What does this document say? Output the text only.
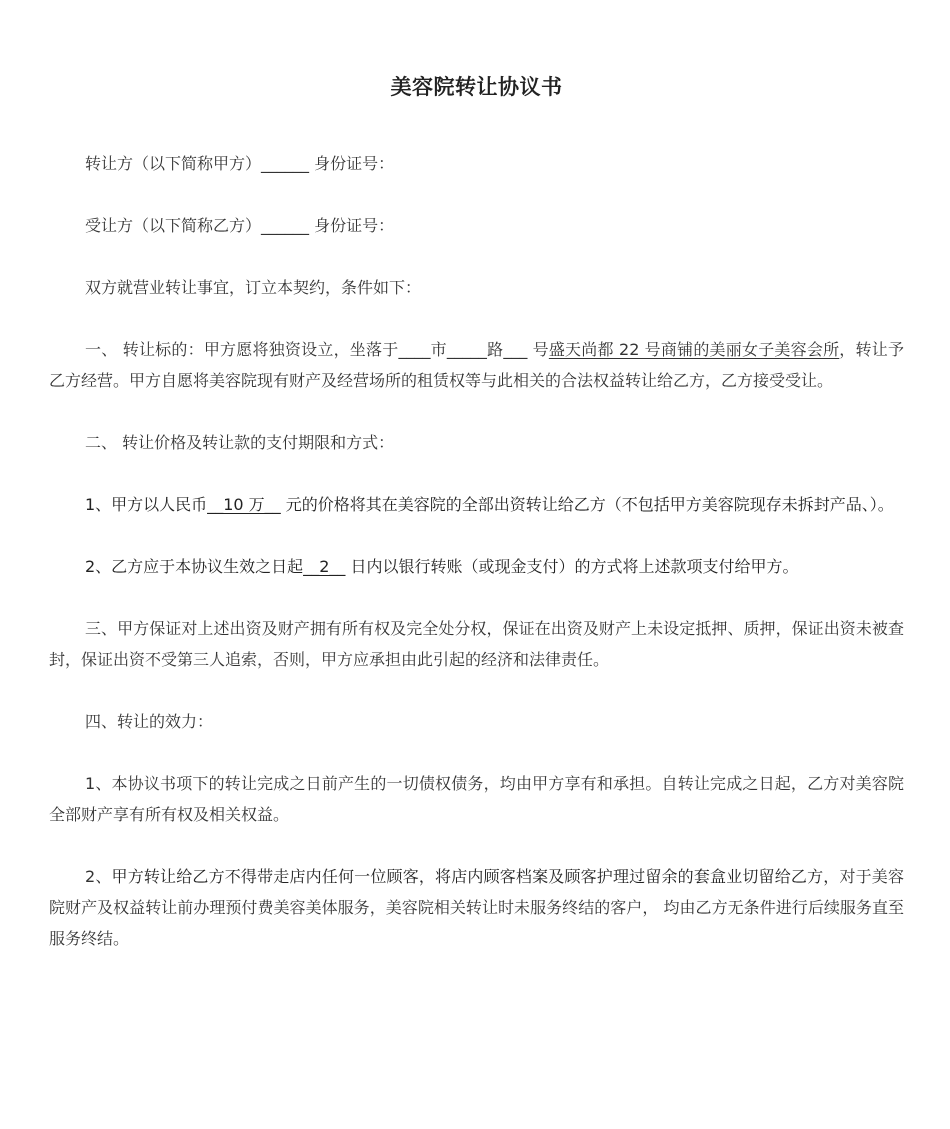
美容院转让协议书

转让方（以下简称甲方）______ 身份证号：

受让方（以下简称乙方）______ 身份证号：

双方就营业转让事宜，订立本契约，条件如下：

一、 转让标的：甲方愿将独资设立，坐落于____市_____路___ 号盛天尚都 22 号商铺的美丽女子美容会所，转让予乙方经营。甲方自愿将美容院现有财产及经营场所的租赁权等与此相关的合法权益转让给乙方，乙方接受受让。

二、 转让价格及转让款的支付期限和方式：

1、甲方以人民币__10 万__ 元的价格将其在美容院的全部出资转让给乙方（不包括甲方美容院现存未拆封产品、）。

2、乙方应于本协议生效之日起__2__ 日内以银行转账（或现金支付）的方式将上述款项支付给甲方。

三、甲方保证对上述出资及财产拥有所有权及完全处分权，保证在出资及财产上未设定抵押、质押，保证出资未被查封，保证出资不受第三人追索，否则，甲方应承担由此引起的经济和法律责任。

四、转让的效力：

1、本协议书项下的转让完成之日前产生的一切债权债务，均由甲方享有和承担。自转让完成之日起，乙方对美容院全部财产享有所有权及相关权益。

2、甲方转让给乙方不得带走店内任何一位顾客，将店内顾客档案及顾客护理过留余的套盒业切留给乙方，对于美容院财产及权益转让前办理预付费美容美体服务，美容院相关转让时未服务终结的客户， 均由乙方无条件进行后续服务直至服务终结。
